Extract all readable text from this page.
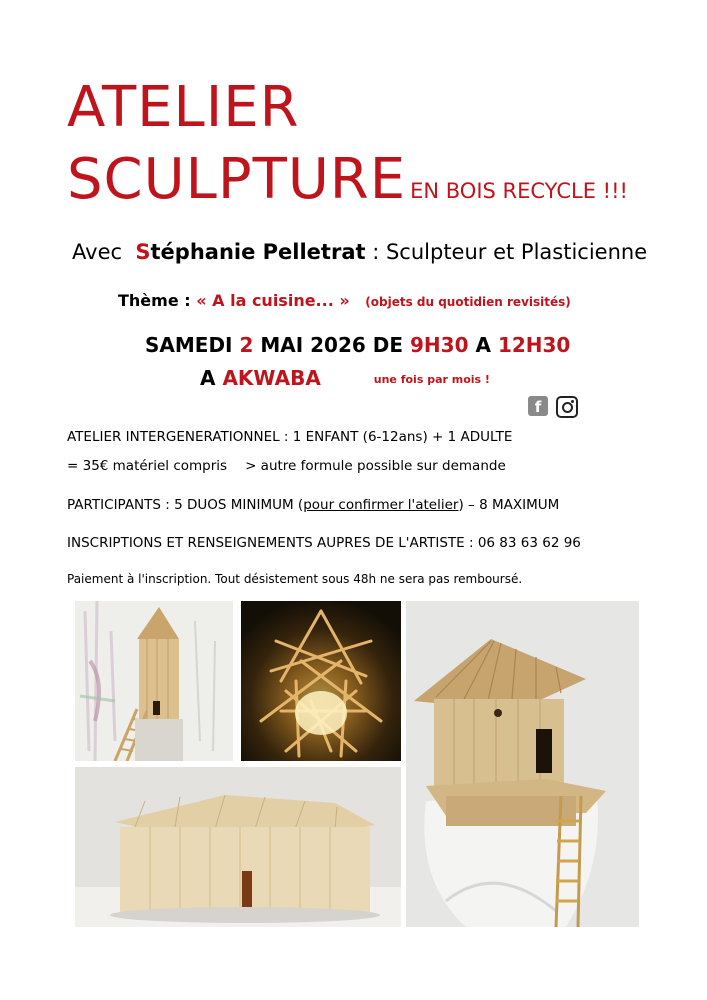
ATELIER
SCULPTURE EN BOIS RECYCLE !!!
Avec Stéphanie Pelletrat : Sculpteur et Plasticienne
Thème : « A la cuisine... » (objets du quotidien revisités)
SAMEDI 2 MAI 2026 DE 9H30 A 12H30
A AKWABA	une fois par mois !
f
ATELIER INTERGENERATIONNEL : 1 ENFANT (6-12ans) + 1 ADULTE
= 35€ matériel compris > autre formule possible sur demande
PARTICIPANTS : 5 DUOS MINIMUM (pour confirmer l'atelier) – 8 MAXIMUM
INSCRIPTIONS ET RENSEIGNEMENTS AUPRES DE L'ARTISTE : 06 83 63 62 96
Paiement à l'inscription. Tout désistement sous 48h ne sera pas remboursé.
